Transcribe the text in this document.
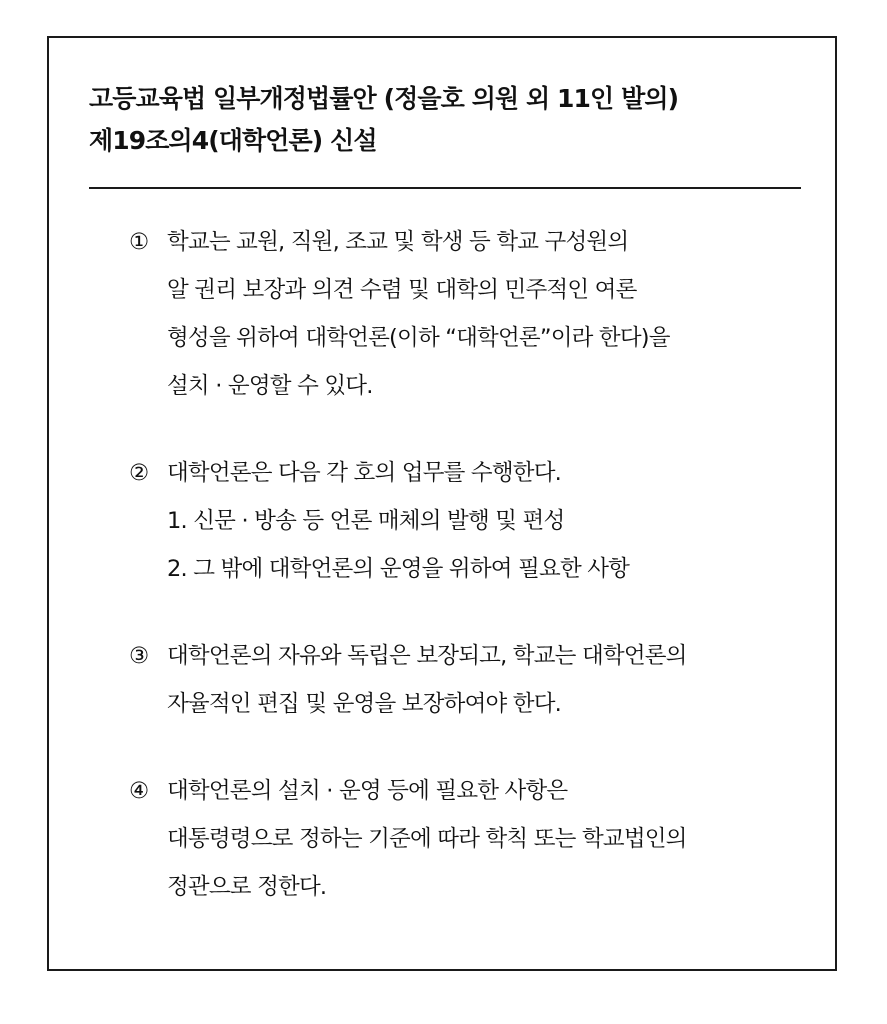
고등교육법 일부개정법률안 (정을호 의원 외 11인 발의)
제19조의4(대학언론) 신설
① 학교는 교원, 직원, 조교 및 학생 등 학교 구성원의
알 권리 보장과 의견 수렴 및 대학의 민주적인 여론
형성을 위하여 대학언론(이하 “대학언론”이라 한다)을
설치 · 운영할 수 있다.
② 대학언론은 다음 각 호의 업무를 수행한다.
1. 신문 · 방송 등 언론 매체의 발행 및 편성
2. 그 밖에 대학언론의 운영을 위하여 필요한 사항
③ 대학언론의 자유와 독립은 보장되고, 학교는 대학언론의
자율적인 편집 및 운영을 보장하여야 한다.
④ 대학언론의 설치 · 운영 등에 필요한 사항은
대통령령으로 정하는 기준에 따라 학칙 또는 학교법인의
정관으로 정한다.
